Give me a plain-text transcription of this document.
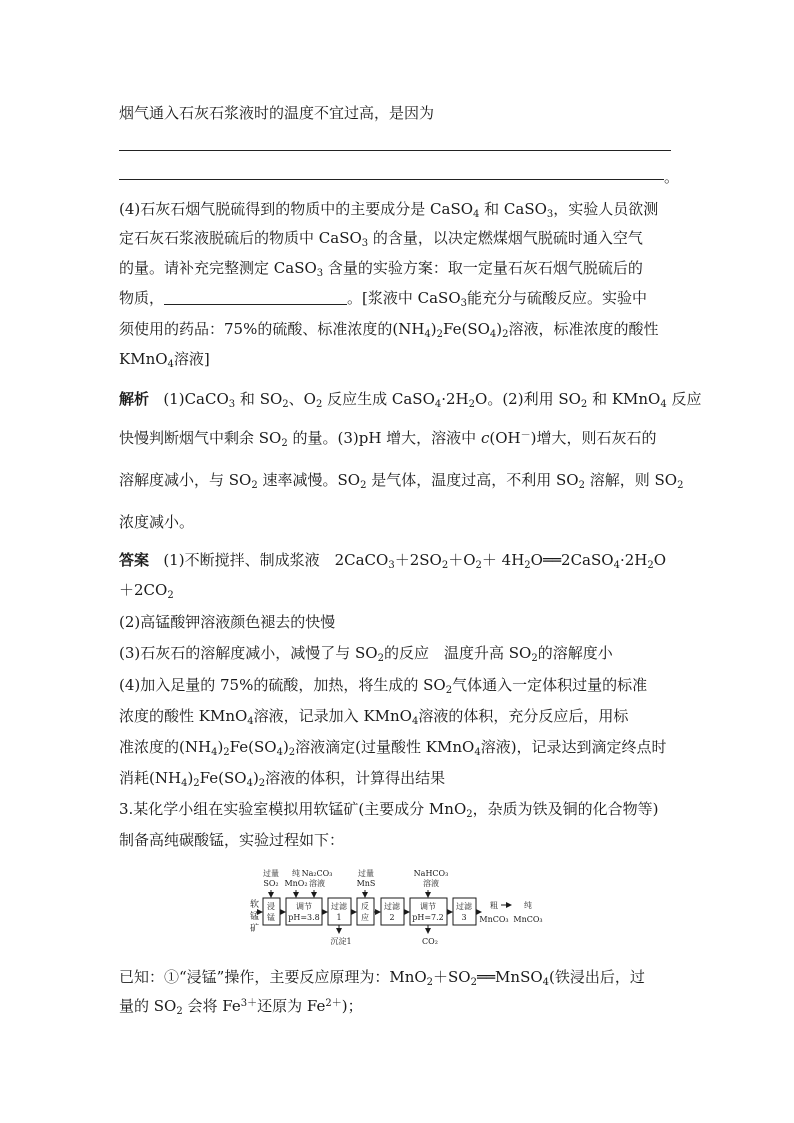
烟气通入石灰石浆液时的温度不宜过高，是因为
。
(4)石灰石烟气脱硫得到的物质中的主要成分是 CaSO$_4$ 和 CaSO$_3$，实验人员欲测
定石灰石浆液脱硫后的物质中 CaSO$_3$ 的含量，以决定燃煤烟气脱硫时通入空气
的量。请补充完整测定 CaSO$_3$ 含量的实验方案：取一定量石灰石烟气脱硫后的
物质，	。[浆液中 CaSO$_3$能充分与硫酸反应。实验中
须使用的药品：75%的硫酸、标准浓度的$(NH_4)_2Fe(SO_4)_2$溶液，标准浓度的酸性
KMnO$_4$溶液]
解析 (1)CaCO$_3$ 和 $SO_2$、$O_2$ 反应生成 $CaSO_4\cdot 2H_2O$。(2)利用 $SO_2$ 和 KMnO$_4$ 反应
快慢判断烟气中剩余 $SO_2$ 的量。(3)pH 增大，溶液中 c(OH－)增大，则石灰石的
溶解度减小，与 $SO_2$ 速率减慢。$SO_2$ 是气体，温度过高，不利用 $SO_2$ 溶解，则 $SO_2$
浓度减小。
答案 (1)不断搅拌、制成浆液　$2CaCO_3+2SO_2+O_2+$ $4H_2O══2CaSO_4\cdot 2H_2O$
$+2CO_2$
(2)高锰酸钾溶液颜色褪去的快慢
(3)石灰石的溶解度减小，减慢了与 $SO_2$的反应　温度升高 $SO_2$的溶解度小
(4)加入足量的 75%的硫酸，加热，将生成的 $SO_2$气体通入一定体积过量的标准
浓度的酸性 KMnO$_4$溶液，记录加入 KMnO$_4$溶液的体积，充分反应后，用标
准浓度的$(NH_4)_2Fe(SO_4)_2$溶液滴定(过量酸性 KMnO$_4$溶液)，记录达到滴定终点时
消耗$(NH_4)_2Fe(SO_4)_2$溶液的体积，计算得出结果
3.某化学小组在实验室模拟用软锰矿(主要成分 MnO$_2$，杂质为铁及铜的化合物等)
制备高纯碳酸锰，实验过程如下：
软
锰
矿
过量
SO₂
纯
MnO₂
Na₂CO₃
溶液
过量
MnS
NaHCO₃
溶液
浸
锰
调节
pH=3.8
过滤
1
反
应
过滤
2
调节
pH=7.2
过滤
3
沉淀1	CO₂
粗
MnCO₃
纯
MnCO₃
已知：①“浸锰”操作，主要反应原理为：$MnO_2+SO_2══MnSO_4$(铁浸出后，过
量的 $SO_2$ 会将 $Fe^{3+}$还原为 $Fe^{2+}$)；
